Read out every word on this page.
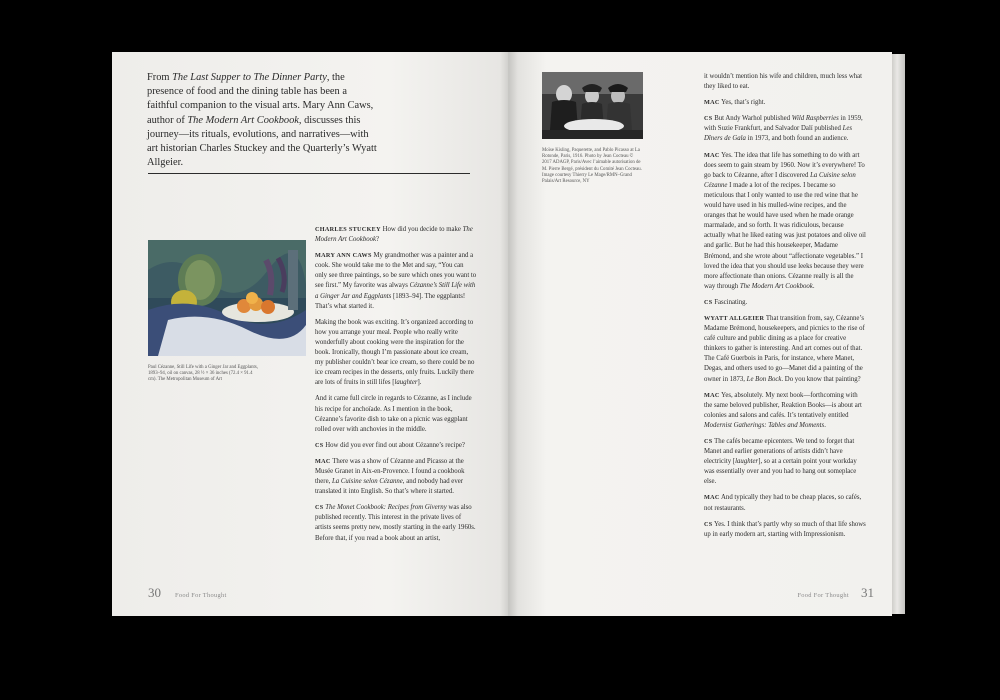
From The Last Supper to The Dinner Party, the presence of food and the dining table has been a faithful companion to the visual arts. Mary Ann Caws, author of The Modern Art Cookbook, discusses this journey—its rituals, evolutions, and narratives—with art historian Charles Stuckey and the Quarterly’s Wyatt Allgeier.

Paul Cézanne, Still Life with a Ginger Jar and Eggplants, 1893–94, oil on canvas, 28 ½ × 36 inches (72.4 × 91.4 cm). The Metropolitan Museum of Art

CHARLES STUCKEY How did you decide to make The Modern Art Cookbook?

MARY ANN CAWS My grandmother was a painter and a cook. She would take me to the Met and say, “You can only see three paintings, so be sure which ones you want to see first.” My favorite was always Cézanne’s Still Life with a Ginger Jar and Eggplants [1893–94]. The eggplants! That’s what started it.

Making the book was exciting. It’s organized according to how you arrange your meal. People who really write wonderfully about cooking were the inspiration for the book. Ironically, though I’m passionate about ice cream, my publisher couldn’t bear ice cream, so there could be no ice cream recipes in the desserts, only fruits. Luckily there are lots of fruits in still lifes [laughter].

And it came full circle in regards to Cézanne, as I include his recipe for anchoïade. As I mention in the book, Cézanne’s favorite dish to take on a picnic was eggplant rolled over with anchovies in the middle.

CS How did you ever find out about Cézanne’s recipe?

MAC There was a show of Cézanne and Picasso at the Musée Granet in Aix-en-Provence. I found a cookbook there, La Cuisine selon Cézanne, and nobody had ever translated it into English. So that’s where it started.

CS The Monet Cookbook: Recipes from Giverny was also published recently. This interest in the private lives of artists seems pretty new, mostly starting in the early 1960s. Before that, if you read a book about an artist,

30 Food For Thought

Moïse Kisling, Paquerette, and Pablo Picasso at La Rotonde, Paris, 1916. Photo by Jean Cocteau © 2017 ADAGP, Paris/Avec l’aimable autorisation de M. Pierre Bergé, président du Comité Jean Cocteau. Image courtesy Thierry Le Mage/RMN–Grand Palais/Art Resource, NY

it wouldn’t mention his wife and children, much less what they liked to eat.

MAC Yes, that’s right.

CS But Andy Warhol published Wild Raspberries in 1959, with Suzie Frankfurt, and Salvador Dalí published Les Dîners de Gala in 1973, and both found an audience.

MAC Yes. The idea that life has something to do with art does seem to gain steam by 1960. Now it’s everywhere! To go back to Cézanne, after I discovered La Cuisine selon Cézanne I made a lot of the recipes. I became so meticulous that I only wanted to use the red wine that he would have used in his mulled-wine recipes, and the oranges that he would have used when he made orange marmalade, and so forth. It was ridiculous, because actually what he liked eating was just potatoes and olive oil and garlic. But he had this housekeeper, Madame Brémond, and she wrote about “affectionate vegetables.” I loved the idea that you should use leeks because they were more affectionate than onions. Cézanne really is all the way through The Modern Art Cookbook.

CS Fascinating.

WYATT ALLGEIER That transition from, say, Cézanne’s Madame Brémond, housekeepers, and picnics to the rise of café culture and public dining as a place for creative thinkers to gather is interesting. And art comes out of that. The Café Guerbois in Paris, for instance, where Manet, Degas, and others used to go—Manet did a painting of the owner in 1873, Le Bon Bock. Do you know that painting?

MAC Yes, absolutely. My next book—forthcoming with the same beloved publisher, Reaktion Books—is about art colonies and salons and cafés. It’s tentatively entitled Modernist Gatherings: Tables and Moments.

CS The cafés became epicenters. We tend to forget that Manet and earlier generations of artists didn’t have electricity [laughter], so at a certain point your workday was essentially over and you had to hang out someplace else.

MAC And typically they had to be cheap places, so cafés, not restaurants.

CS Yes. I think that’s partly why so much of that life shows up in early modern art, starting with Impressionism.

Food For Thought 31
